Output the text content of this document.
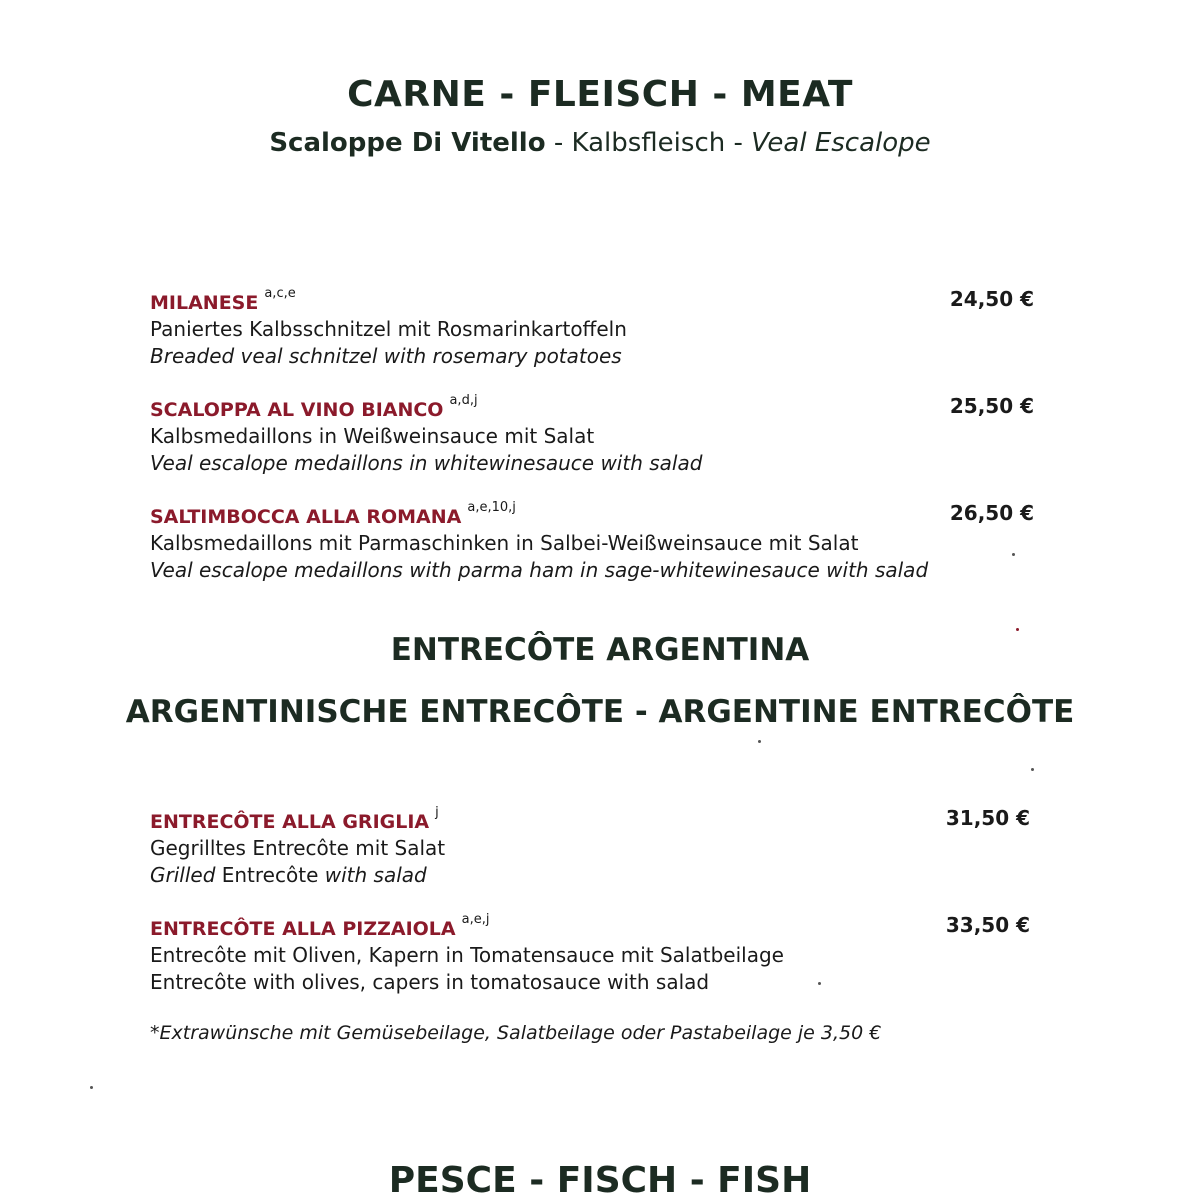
CARNE - FLEISCH - MEAT

Scaloppe Di Vitello - Kalbsfleisch - Veal Escalope

MILANESE $^{a,c,e}$	24,50 €
Paniertes Kalbsschnitzel mit Rosmarinkartoffeln
Breaded veal schnitzel with rosemary potatoes
SCALOPPA AL VINO BIANCO $^{a,d,j}$	25,50 €
Kalbsmedaillons in Weißweinsauce mit Salat
Veal escalope medaillons in whitewinesauce with salad
SALTIMBOCCA ALLA ROMANA $^{a,e,10,j}$	26,50 €
Kalbsmedaillons mit Parmaschinken in Salbei-Weißweinsauce mit Salat
Veal escalope medaillons with parma ham in sage-whitewinesauce with salad
ENTRECÔTE ARGENTINA
ARGENTINISCHE ENTRECÔTE - ARGENTINE ENTRECÔTE
ENTRECÔTE ALLA GRIGLIA $^j$	31,50 €
Gegrilltes Entrecôte mit Salat
Grilled Entrecôte with salad
ENTRECÔTE ALLA PIZZAIOLA $^{a,e,j}$	33,50 €
Entrecôte mit Oliven, Kapern in Tomatensauce mit Salatbeilage
Entrecôte with olives, capers in tomatosauce with salad
*Extrawünsche mit Gemüsebeilage, Salatbeilage oder Pastabeilage je 3,50 €
PESCE - FISCH - FISH
